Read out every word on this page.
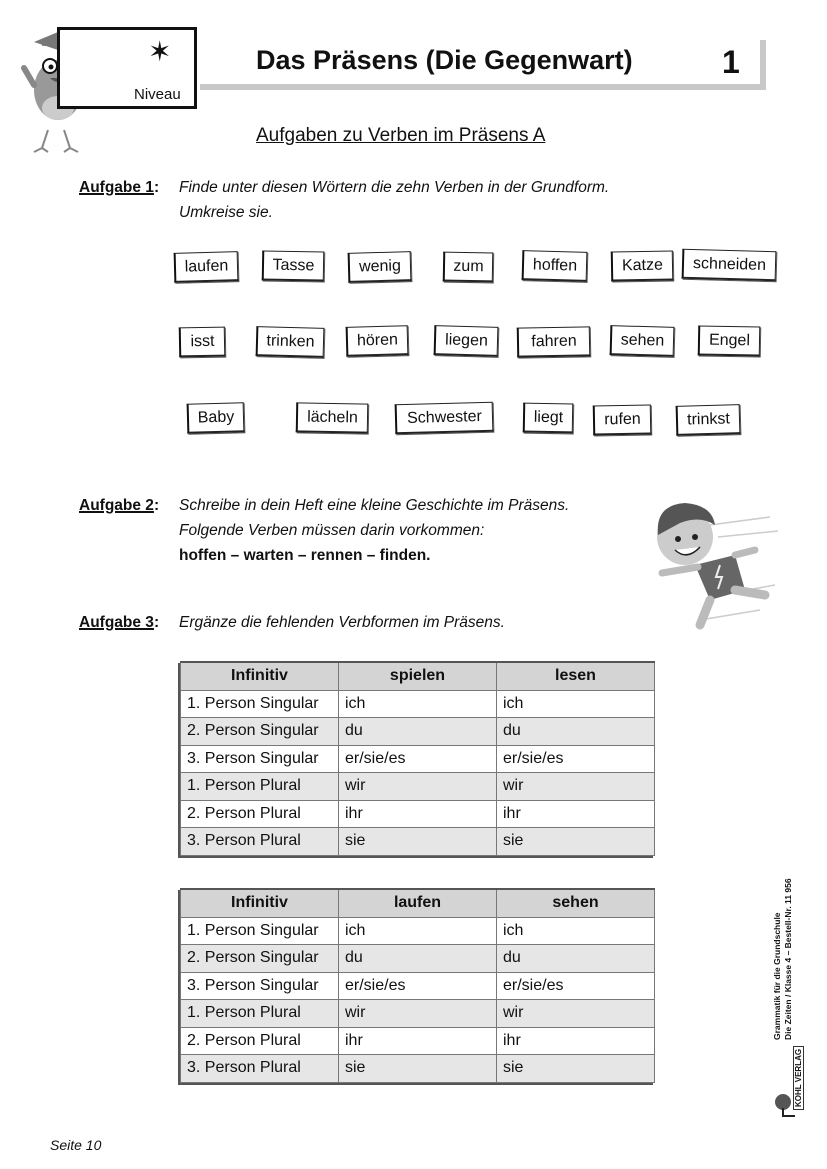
✶
Niveau
Das Präsens (Die Gegenwart)	1
Aufgaben zu Verben im Präsens A
Aufgabe 1: Finde unter diesen Wörtern die zehn Verben in der Grundform.
Umkreise sie.
laufen	Tasse	wenig	zum	hoffen	Katze	schneiden
isst	trinken	hören	liegen	fahren	sehen	Engel
Baby	lächeln	Schwester	liegt	rufen	trinkst
Aufgabe 2: Schreibe in dein Heft eine kleine Geschichte im Präsens.
Folgende Verben müssen darin vorkommen:
hoffen – warten – rennen – finden.
Aufgabe 3: Ergänze die fehlenden Verbformen im Präsens.
Infinitiv	spielen	lesen
1. Person Singular	ich	ich
2. Person Singular	du	du
3. Person Singular	er/sie/es	er/sie/es
1. Person Plural	wir	wir
2. Person Plural	ihr	ihr
3. Person Plural	sie	sie
Infinitiv	laufen	sehen
1. Person Singular	ich	ich
2. Person Singular	du	du
3. Person Singular	er/sie/es	er/sie/es
1. Person Plural	wir	wir
2. Person Plural	ihr	ihr
3. Person Plural	sie	sie
Grammatik für die Grundschule Die Zeiten / Klasse 4 – Bestell-Nr. 11 956
KOHL VERLAG
Seite 10
